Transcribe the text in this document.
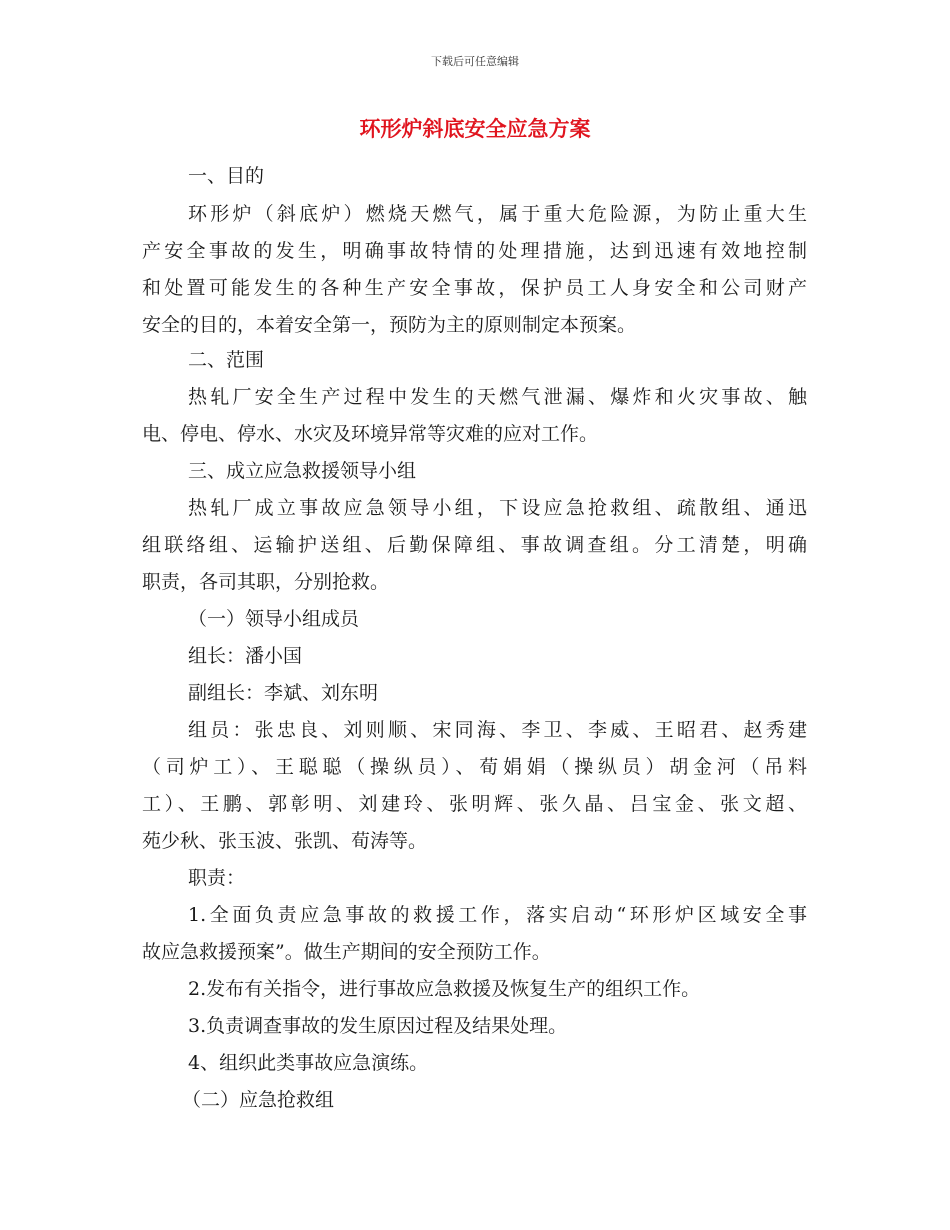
下载后可任意编辑
环形炉斜底安全应急方案
一、目的
环形炉（斜底炉）燃烧天燃气，属于重大危险源，为防止重大生
产安全事故的发生，明确事故特情的处理措施，达到迅速有效地控制
和处置可能发生的各种生产安全事故，保护员工人身安全和公司财产
安全的目的，本着安全第一，预防为主的原则制定本预案。
二、范围
热轧厂安全生产过程中发生的天燃气泄漏、爆炸和火灾事故、触
电、停电、停水、水灾及环境异常等灾难的应对工作。
三、成立应急救援领导小组
热轧厂成立事故应急领导小组，下设应急抢救组、疏散组、通迅
组联络组、运输护送组、后勤保障组、事故调查组。分工清楚，明确
职责，各司其职，分别抢救。
（一）领导小组成员
组长：潘小国
副组长：李斌、刘东明
组员：张忠良、刘则顺、宋同海、李卫、李威、王昭君、赵秀建
（司炉工）、王聪聪（操纵员）、荀娟娟（操纵员）胡金河（吊料
工）、王鹏、郭彰明、刘建玲、张明辉、张久晶、吕宝金、张文超、
苑少秋、张玉波、张凯、荀涛等。
职责：
1.全面负责应急事故的救援工作，落实启动“环形炉区域安全事
故应急救援预案”。做生产期间的安全预防工作。
2.发布有关指令，进行事故应急救援及恢复生产的组织工作。
3.负责调查事故的发生原因过程及结果处理。
4、组织此类事故应急演练。
（二）应急抢救组
